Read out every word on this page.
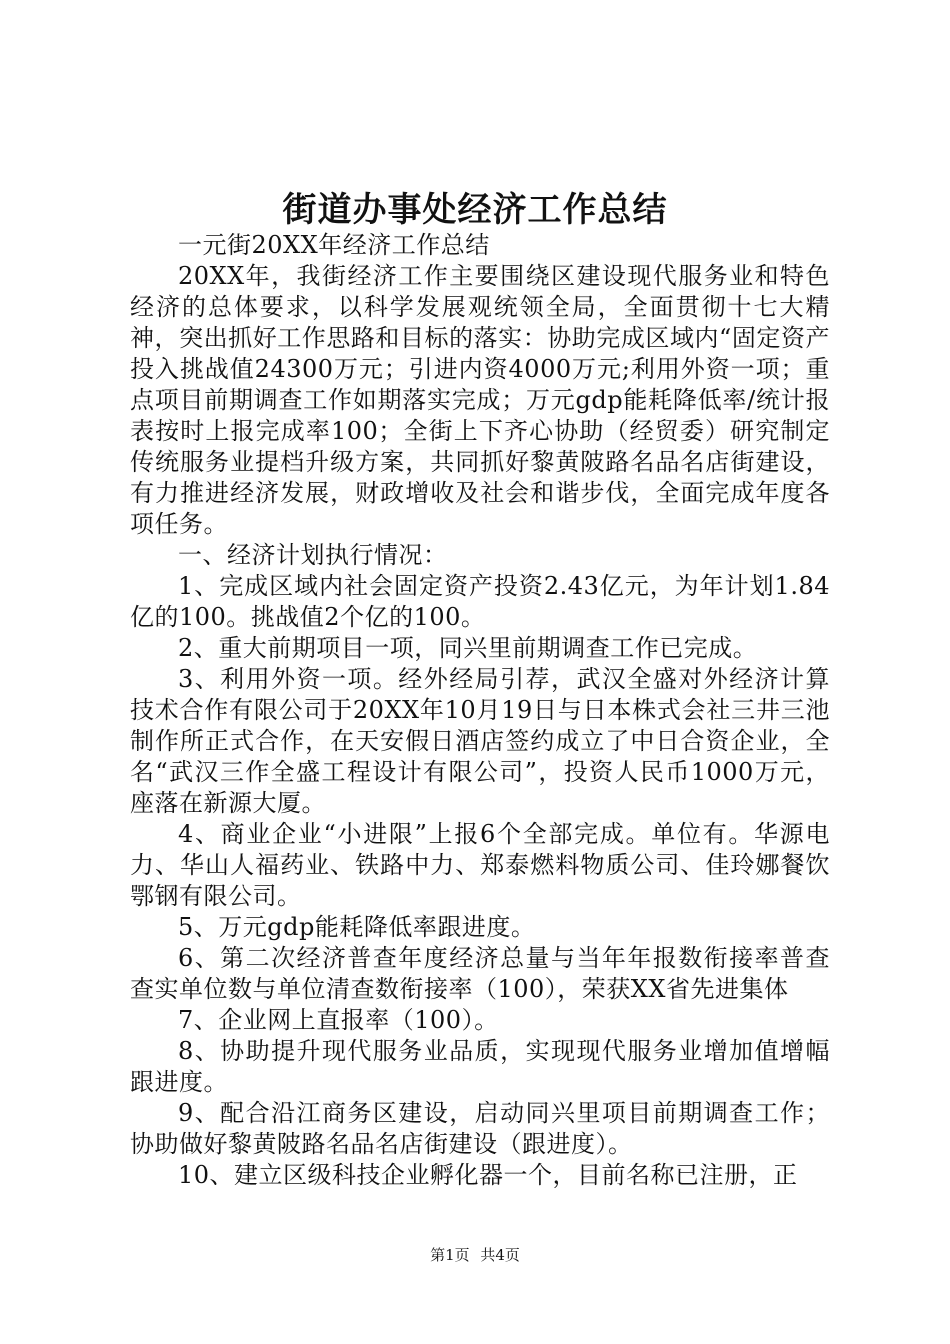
街道办事处经济工作总结

一元街20XX年经济工作总结

20XX年，我街经济工作主要围绕区建设现代服务业和特色经济的总体要求，以科学发展观统领全局，全面贯彻十七大精神，突出抓好工作思路和目标的落实：协助完成区域内“固定资产投入挑战值24300万元；引进内资4000万元;利用外资一项；重点项目前期调查工作如期落实完成；万元gdp能耗降低率/统计报表按时上报完成率100；全街上下齐心协助（经贸委）研究制定传统服务业提档升级方案，共同抓好黎黄陂路名品名店街建设，有力推进经济发展，财政增收及社会和谐步伐，全面完成年度各项任务。

一、经济计划执行情况：

1、完成区域内社会固定资产投资2.43亿元，为年计划1.84亿的100。挑战值2个亿的100。

2、重大前期项目一项，同兴里前期调查工作已完成。

3、利用外资一项。经外经局引荐，武汉全盛对外经济计算技术合作有限公司于20XX年10月19日与日本株式会社三井三池制作所正式合作，在天安假日酒店签约成立了中日合资企业，全名“武汉三作全盛工程设计有限公司”，投资人民币1000万元，座落在新源大厦。

4、商业企业“小进限”上报6个全部完成。单位有。华源电力、华山人福药业、铁路中力、郑泰燃料物质公司、佳玲娜餐饮鄂钢有限公司。

5、万元gdp能耗降低率跟进度。

6、第二次经济普查年度经济总量与当年年报数衔接率普查查实单位数与单位清查数衔接率（100），荣获XX省先进集体

7、企业网上直报率（100）。

8、协助提升现代服务业品质，实现现代服务业增加值增幅跟进度。

9、配合沿江商务区建设，启动同兴里项目前期调查工作；协助做好黎黄陂路名品名店街建设（跟进度）。

10、建立区级科技企业孵化器一个，目前名称已注册，正

第1页 共4页
